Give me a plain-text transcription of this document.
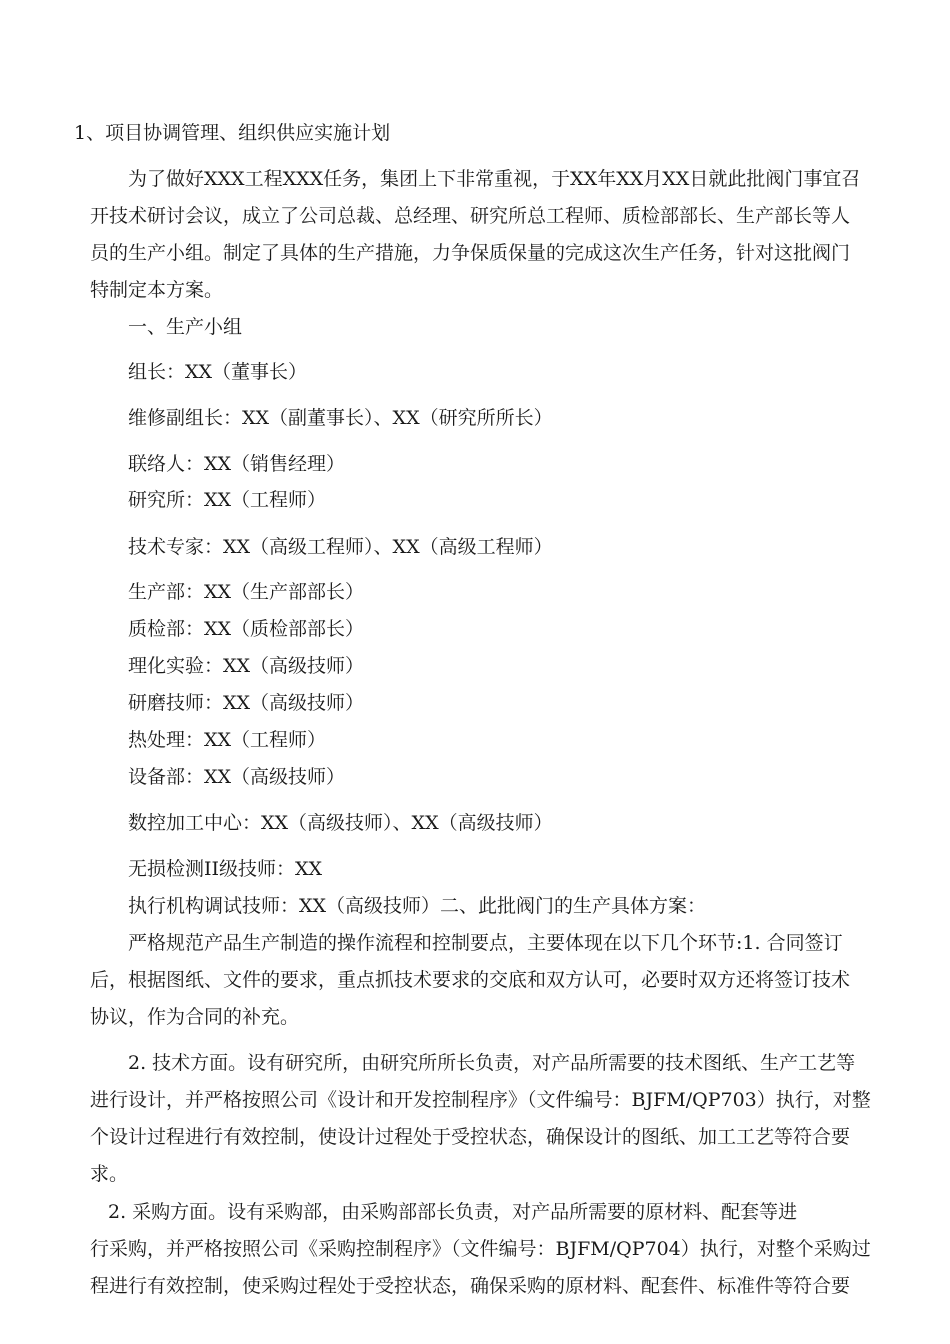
1、项目协调管理、组织供应实施计划

为了做好XXX工程XXX任务，集团上下非常重视，于XX年XX月XX日就此批阀门事宜召

开技术研讨会议，成立了公司总裁、总经理、研究所总工程师、质检部部长、生产部长等人

员的生产小组。制定了具体的生产措施，力争保质保量的完成这次生产任务，针对这批阀门

特制定本方案。

一、生产小组

组长：XX（董事长）

维修副组长：XX（副董事长）、XX（研究所所长）

联络人：XX（销售经理）

研究所：XX（工程师）

技术专家：XX（高级工程师）、XX（高级工程师）

生产部：XX（生产部部长）

质检部：XX（质检部部长）

理化实验：XX（高级技师）

研磨技师：XX（高级技师）

热处理：XX（工程师）

设备部：XX（高级技师）

数控加工中心：XX（高级技师）、XX（高级技师）

无损检测II级技师：XX

执行机构调试技师：XX（高级技师）二、此批阀门的生产具体方案：

严格规范产品生产制造的操作流程和控制要点，主要体现在以下几个环节:1. 合同签订

后，根据图纸、文件的要求，重点抓技术要求的交底和双方认可，必要时双方还将签订技术

协议，作为合同的补充。

2. 技术方面。设有研究所，由研究所所长负责，对产品所需要的技术图纸、生产工艺等

进行设计，并严格按照公司《设计和开发控制程序》（文件编号：BJFM/QP703）执行，对整

个设计过程进行有效控制，使设计过程处于受控状态，确保设计的图纸、加工工艺等符合要

求。

2. 采购方面。设有采购部，由采购部部长负责，对产品所需要的原材料、配套等进

行采购，并严格按照公司《采购控制程序》（文件编号：BJFM/QP704）执行，对整个采购过

程进行有效控制，使采购过程处于受控状态，确保采购的原材料、配套件、标准件等符合要
